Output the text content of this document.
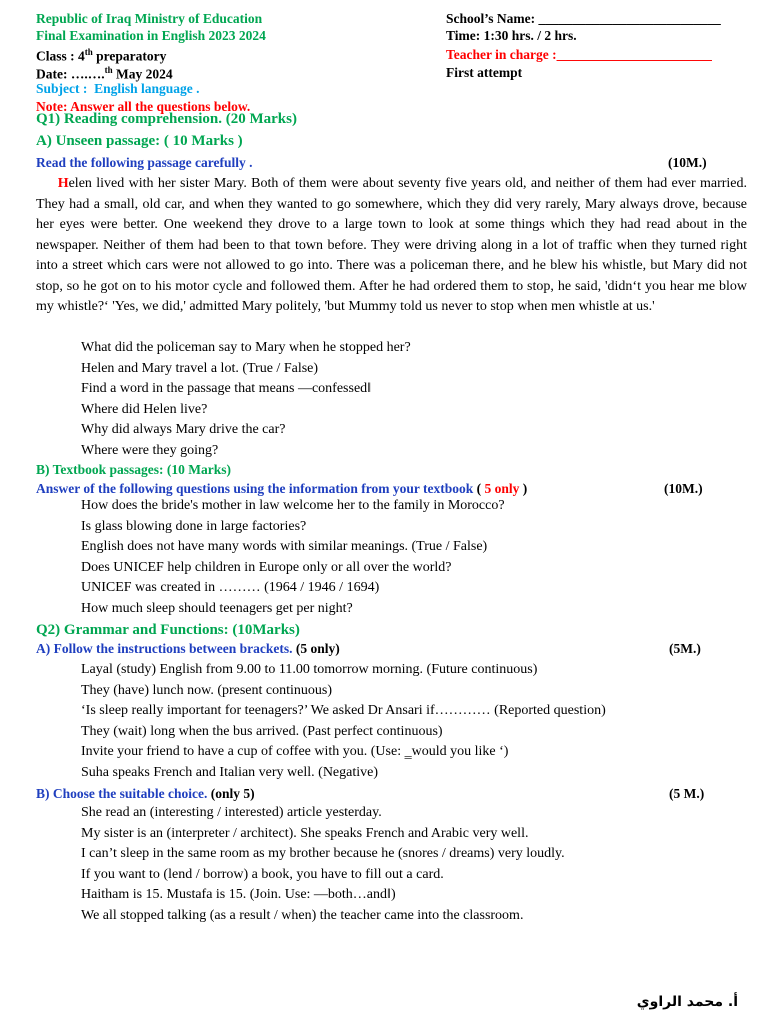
Republic of Iraq Ministry of Education
Final Examination in English 2023 2024
Class : 4th preparatory
Date: ….….$^{th}$ May 2024
Subject : English language .
Note: Answer all the questions below.
School’s Name: ___________________________
Time: 1:30 hrs. / 2 hrs.
Teacher in charge :_______________________
First attempt
Q1) Reading comprehension. (20 Marks)
A) Unseen passage: ( 10 Marks )
Read the following passage carefully .	(10M.)
Helen lived with her sister Mary. Both of them were about seventy five years old, and neither of them had ever married. They had a small, old car, and when they wanted to go somewhere, which they did very rarely, Mary always drove, because her eyes were better. One weekend they drove to a large town to look at some things which they had read about in the newspaper. Neither of them had been to that town before. They were driving along in a lot of traffic when they turned right into a street which cars were not allowed to go into. There was a policeman there, and he blew his whistle, but Mary did not stop, so he got on to his motor cycle and followed them. After he had ordered them to stop, he said, 'didn‘t you hear me blow my whistle?‘ 'Yes, we did,' admitted Mary politely, 'but Mummy told us never to stop when men whistle at us.'
What did the policeman say to Mary when he stopped her?
Helen and Mary travel a lot. (True / False)
Find a word in the passage that means ―confessed‖
Where did Helen live?
Why did always Mary drive the car?
Where were they going?
B) Textbook passages: (10 Marks)
Answer of the following questions using the information from your textbook ( 5 only )	(10M.)
How does the bride's mother in law welcome her to the family in Morocco?
Is glass blowing done in large factories?
English does not have many words with similar meanings. (True / False)
Does UNICEF help children in Europe only or all over the world?
UNICEF was created in ……… (1964 / 1946 / 1694)
How much sleep should teenagers get per night?
Q2) Grammar and Functions: (10Marks)
A) Follow the instructions between brackets. (5 only)	(5M.)
Layal (study) English from 9.00 to 11.00 tomorrow morning. (Future continuous)
They (have) lunch now. (present continuous)
‘Is sleep really important for teenagers?’ We asked Dr Ansari if………… (Reported question)
They (wait) long when the bus arrived. (Past perfect continuous)
Invite your friend to have a cup of coffee with you. (Use: ‗would you like ‘)
Suha speaks French and Italian very well. (Negative)
B) Choose the suitable choice. (only 5)	(5 M.)
She read an (interesting / interested) article yesterday.
My sister is an (interpreter / architect). She speaks French and Arabic very well.
I can’t sleep in the same room as my brother because he (snores / dreams) very loudly.
If you want to (lend / borrow) a book, you have to fill out a card.
Haitham is 15. Mustafa is 15. (Join. Use: ―both…and‖)
We all stopped talking (as a result / when) the teacher came into the classroom.
أ. محمد الراوي
